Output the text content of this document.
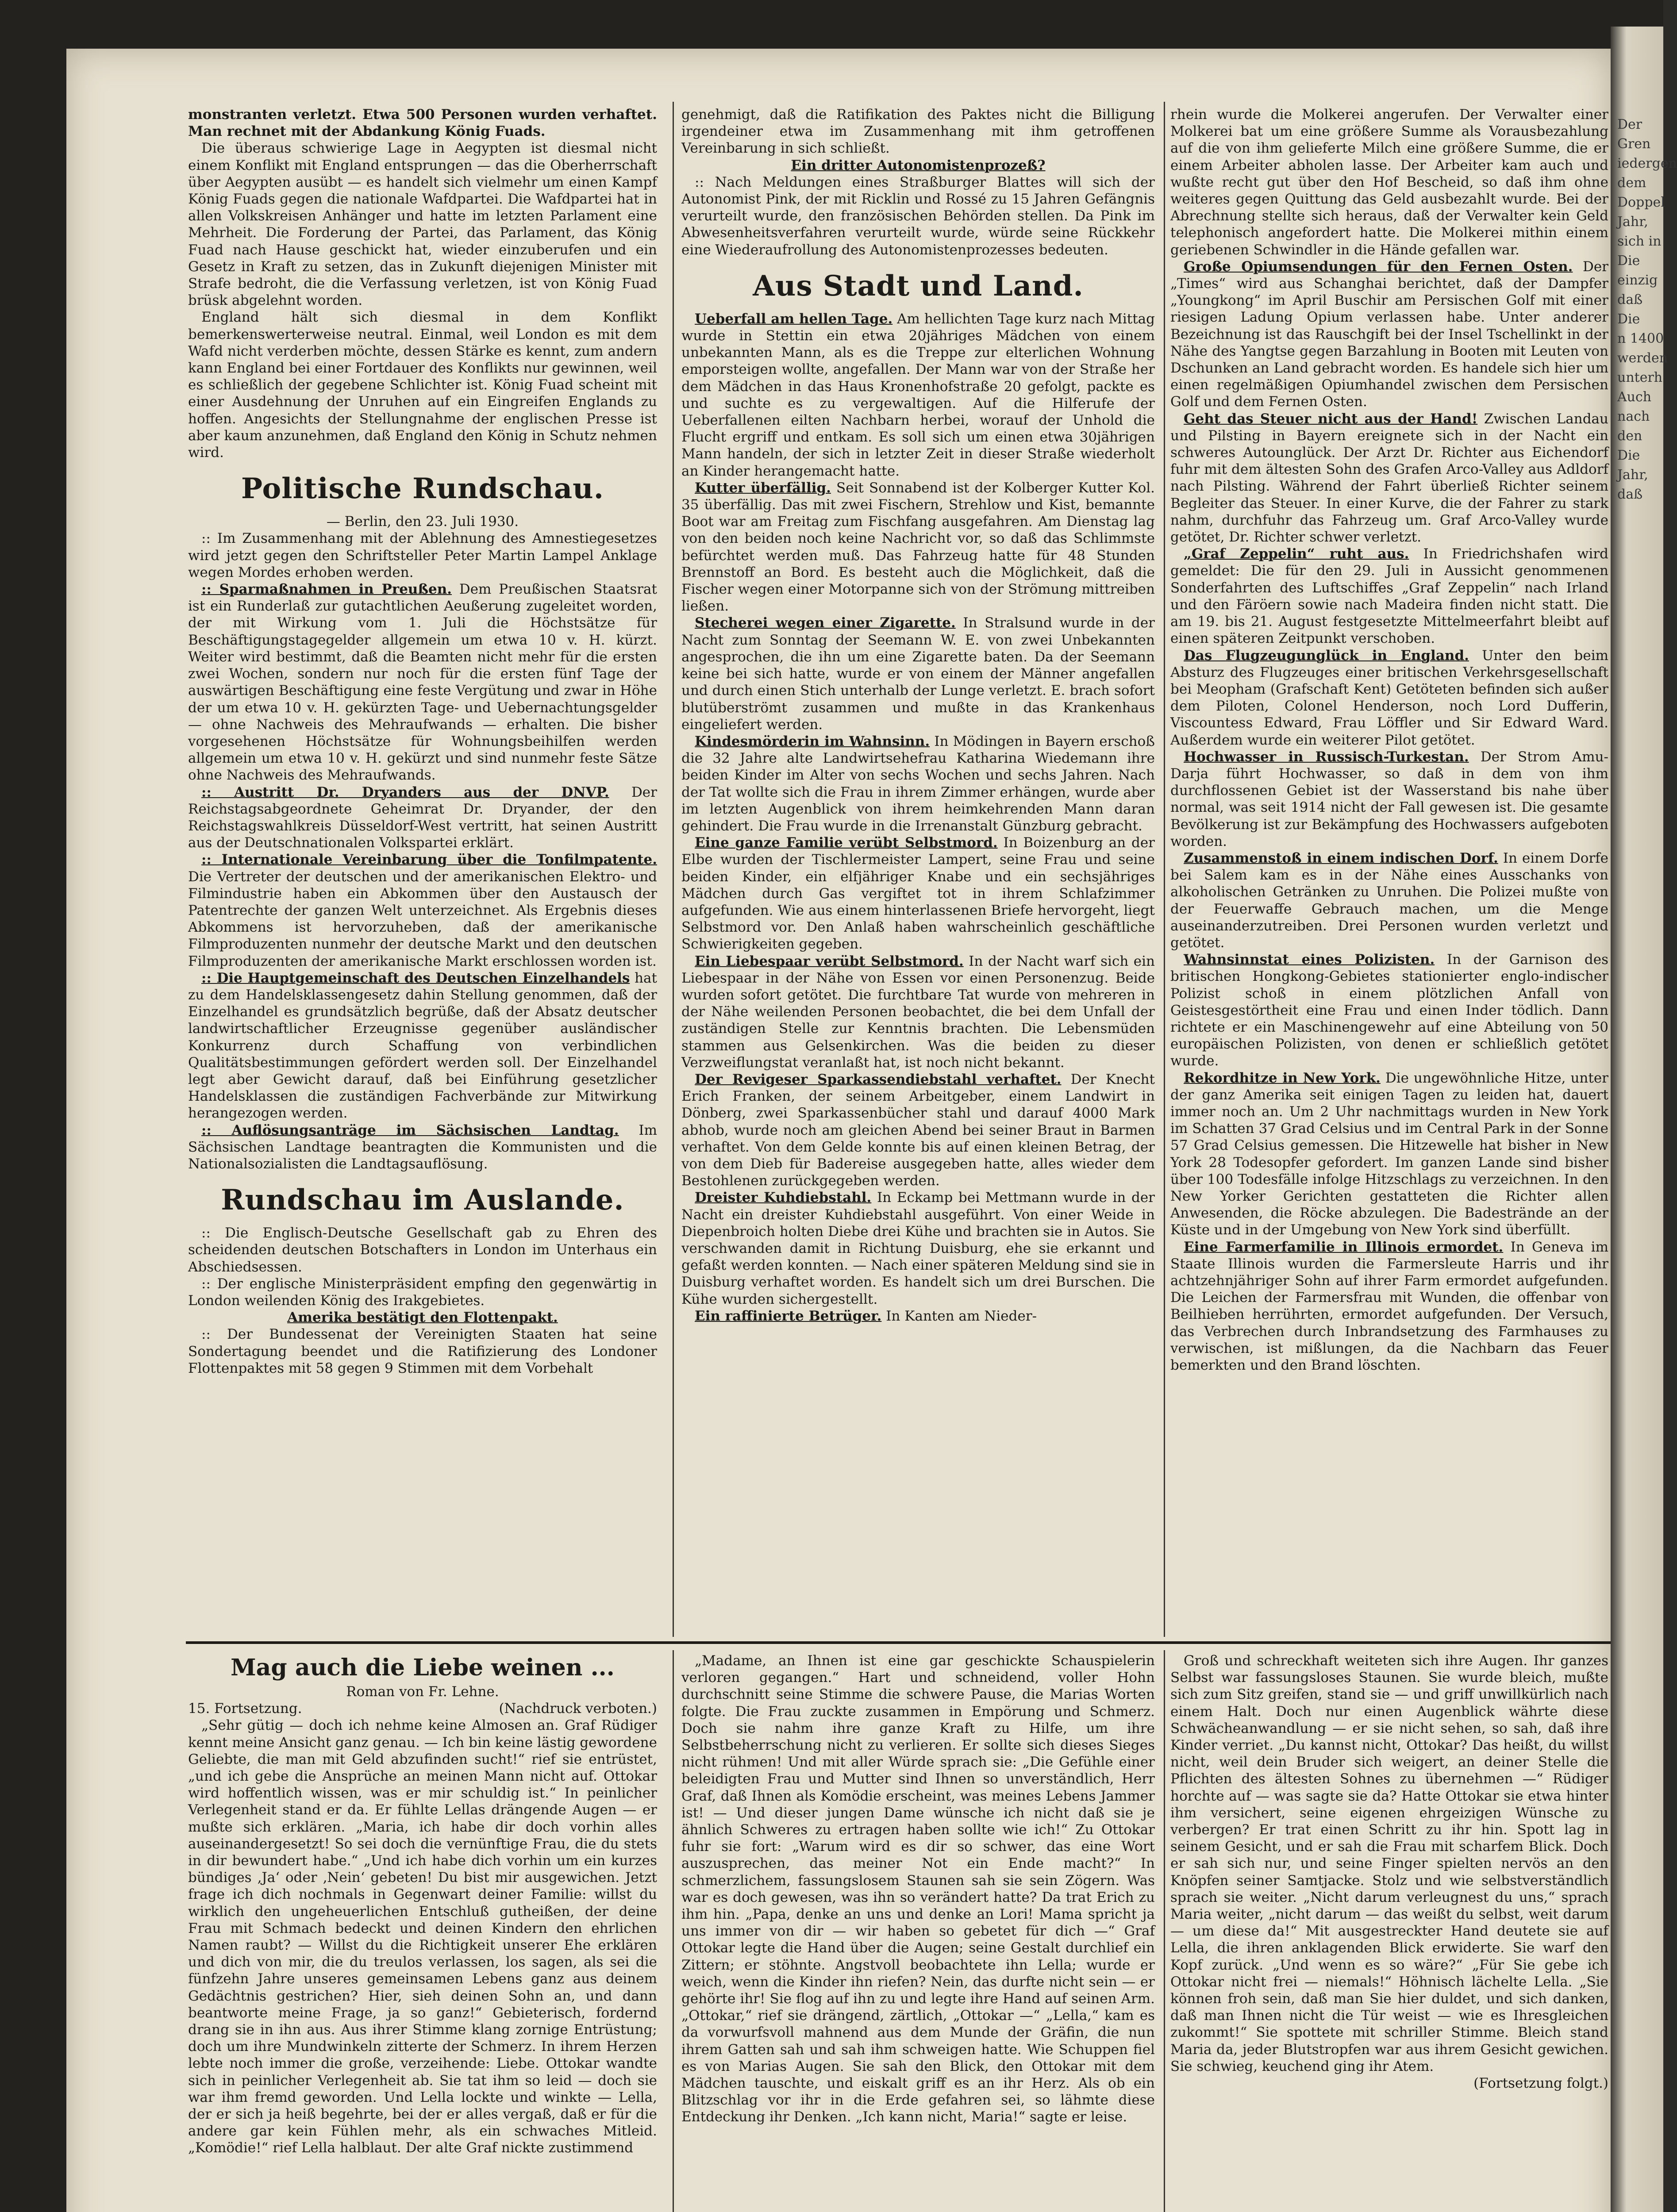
Der
Gren
iedergen
dem
Doppel
Jahr,
sich in
Die
einzig
daß
Die
n 1400
werden
unterh
Auch
nach
den
Die
Jahr,
daß

monstranten verletzt. Etwa 500 Personen wurden verhaftet. Man rechnet mit der Abdankung König Fuads.

Die überaus schwierige Lage in Aegypten ist diesmal nicht einem Konflikt mit England entsprungen — das die Oberherrschaft über Aegypten ausübt — es handelt sich vielmehr um einen Kampf König Fuads gegen die nationale Wafdpartei. Die Wafdpartei hat in allen Volkskreisen Anhänger und hatte im letzten Parlament eine Mehrheit. Die Forderung der Partei, das Parlament, das König Fuad nach Hause geschickt hat, wieder einzuberufen und ein Gesetz in Kraft zu setzen, das in Zukunft diejenigen Minister mit Strafe bedroht, die die Verfassung verletzen, ist von König Fuad brüsk abgelehnt worden.

England hält sich diesmal in dem Konflikt bemerkenswerterweise neutral. Einmal, weil London es mit dem Wafd nicht verderben möchte, dessen Stärke es kennt, zum andern kann England bei einer Fortdauer des Konflikts nur gewinnen, weil es schließlich der gegebene Schlichter ist. König Fuad scheint mit einer Ausdehnung der Unruhen auf ein Eingreifen Englands zu hoffen. Angesichts der Stellungnahme der englischen Presse ist aber kaum anzunehmen, daß England den König in Schutz nehmen wird.

Politische Rundschau.

— Berlin, den 23. Juli 1930.

:: Im Zusammenhang mit der Ablehnung des Amnestiegesetzes wird jetzt gegen den Schriftsteller Peter Martin Lampel Anklage wegen Mordes erhoben werden.

:: Sparmaßnahmen in Preußen. Dem Preußischen Staatsrat ist ein Runderlaß zur gutachtlichen Aeußerung zugeleitet worden, der mit Wirkung vom 1. Juli die Höchstsätze für Beschäftigungstagegelder allgemein um etwa 10 v. H. kürzt. Weiter wird bestimmt, daß die Beamten nicht mehr für die ersten zwei Wochen, sondern nur noch für die ersten fünf Tage der auswärtigen Beschäftigung eine feste Vergütung und zwar in Höhe der um etwa 10 v. H. gekürzten Tage- und Uebernachtungsgelder — ohne Nachweis des Mehraufwands — erhalten. Die bisher vorgesehenen Höchstsätze für Wohnungsbeihilfen werden allgemein um etwa 10 v. H. gekürzt und sind nunmehr feste Sätze ohne Nachweis des Mehraufwands.

:: Austritt Dr. Dryanders aus der DNVP. Der Reichstagsabgeordnete Geheimrat Dr. Dryander, der den Reichstagswahlkreis Düsseldorf-West vertritt, hat seinen Austritt aus der Deutschnationalen Volkspartei erklärt.

:: Internationale Vereinbarung über die Tonfilmpatente. Die Vertreter der deutschen und der amerikanischen Elektro- und Filmindustrie haben ein Abkommen über den Austausch der Patentrechte der ganzen Welt unterzeichnet. Als Ergebnis dieses Abkommens ist hervorzuheben, daß der amerikanische Filmproduzenten nunmehr der deutsche Markt und den deutschen Filmproduzenten der amerikanische Markt erschlossen worden ist.

:: Die Hauptgemeinschaft des Deutschen Einzelhandels hat zu dem Handelsklassengesetz dahin Stellung genommen, daß der Einzelhandel es grundsätzlich begrüße, daß der Absatz deutscher landwirtschaftlicher Erzeugnisse gegenüber ausländischer Konkurrenz durch Schaffung von verbindlichen Qualitätsbestimmungen gefördert werden soll. Der Einzelhandel legt aber Gewicht darauf, daß bei Einführung gesetzlicher Handelsklassen die zuständigen Fachverbände zur Mitwirkung herangezogen werden.

:: Auflösungsanträge im Sächsischen Landtag. Im Sächsischen Landtage beantragten die Kommunisten und die Nationalsozialisten die Landtagsauflösung.

Rundschau im Auslande.

:: Die Englisch-Deutsche Gesellschaft gab zu Ehren des scheidenden deutschen Botschafters in London im Unterhaus ein Abschiedsessen.

:: Der englische Ministerpräsident empfing den gegenwärtig in London weilenden König des Irakgebietes.

Amerika bestätigt den Flottenpakt.

:: Der Bundessenat der Vereinigten Staaten hat seine Sondertagung beendet und die Ratifizierung des Londoner Flottenpaktes mit 58 gegen 9 Stimmen mit dem Vorbehalt

genehmigt, daß die Ratifikation des Paktes nicht die Billigung irgendeiner etwa im Zusammenhang mit ihm getroffenen Vereinbarung in sich schließt.

Ein dritter Autonomistenprozeß?

:: Nach Meldungen eines Straßburger Blattes will sich der Autonomist Pink, der mit Ricklin und Rossé zu 15 Jahren Gefängnis verurteilt wurde, den französischen Behörden stellen. Da Pink im Abwesenheitsverfahren verurteilt wurde, würde seine Rückkehr eine Wiederaufrollung des Autonomistenprozesses bedeuten.

Aus Stadt und Land.

Ueberfall am hellen Tage. Am hellichten Tage kurz nach Mittag wurde in Stettin ein etwa 20jähriges Mädchen von einem unbekannten Mann, als es die Treppe zur elterlichen Wohnung emporsteigen wollte, angefallen. Der Mann war von der Straße her dem Mädchen in das Haus Kronenhofstraße 20 gefolgt, packte es und suchte es zu vergewaltigen. Auf die Hilferufe der Ueberfallenen eilten Nachbarn herbei, worauf der Unhold die Flucht ergriff und entkam. Es soll sich um einen etwa 30jährigen Mann handeln, der sich in letzter Zeit in dieser Straße wiederholt an Kinder herangemacht hatte.

Kutter überfällig. Seit Sonnabend ist der Kolberger Kutter Kol. 35 überfällig. Das mit zwei Fischern, Strehlow und Kist, bemannte Boot war am Freitag zum Fischfang ausgefahren. Am Dienstag lag von den beiden noch keine Nachricht vor, so daß das Schlimmste befürchtet werden muß. Das Fahrzeug hatte für 48 Stunden Brennstoff an Bord. Es besteht auch die Möglichkeit, daß die Fischer wegen einer Motorpanne sich von der Strömung mittreiben ließen.

Stecherei wegen einer Zigarette. In Stralsund wurde in der Nacht zum Sonntag der Seemann W. E. von zwei Unbekannten angesprochen, die ihn um eine Zigarette baten. Da der Seemann keine bei sich hatte, wurde er von einem der Männer angefallen und durch einen Stich unterhalb der Lunge verletzt. E. brach sofort blutüberströmt zusammen und mußte in das Krankenhaus eingeliefert werden.

Kindesmörderin im Wahnsinn. In Mödingen in Bayern erschoß die 32 Jahre alte Landwirtsehefrau Katharina Wiedemann ihre beiden Kinder im Alter von sechs Wochen und sechs Jahren. Nach der Tat wollte sich die Frau in ihrem Zimmer erhängen, wurde aber im letzten Augenblick von ihrem heimkehrenden Mann daran gehindert. Die Frau wurde in die Irrenanstalt Günzburg gebracht.

Eine ganze Familie verübt Selbstmord. In Boizenburg an der Elbe wurden der Tischlermeister Lampert, seine Frau und seine beiden Kinder, ein elfjähriger Knabe und ein sechsjähriges Mädchen durch Gas vergiftet tot in ihrem Schlafzimmer aufgefunden. Wie aus einem hinterlassenen Briefe hervorgeht, liegt Selbstmord vor. Den Anlaß haben wahrscheinlich geschäftliche Schwierigkeiten gegeben.

Ein Liebespaar verübt Selbstmord. In der Nacht warf sich ein Liebespaar in der Nähe von Essen vor einen Personenzug. Beide wurden sofort getötet. Die furchtbare Tat wurde von mehreren in der Nähe weilenden Personen beobachtet, die bei dem Unfall der zuständigen Stelle zur Kenntnis brachten. Die Lebensmüden stammen aus Gelsenkirchen. Was die beiden zu dieser Verzweiflungstat veranlaßt hat, ist noch nicht bekannt.

Der Revigeser Sparkassendiebstahl verhaftet. Der Knecht Erich Franken, der seinem Arbeitgeber, einem Landwirt in Dönberg, zwei Sparkassenbücher stahl und darauf 4000 Mark abhob, wurde noch am gleichen Abend bei seiner Braut in Barmen verhaftet. Von dem Gelde konnte bis auf einen kleinen Betrag, der von dem Dieb für Badereise ausgegeben hatte, alles wieder dem Bestohlenen zurückgegeben werden.

Dreister Kuhdiebstahl. In Eckamp bei Mettmann wurde in der Nacht ein dreister Kuhdiebstahl ausgeführt. Von einer Weide in Diepenbroich holten Diebe drei Kühe und brachten sie in Autos. Sie verschwanden damit in Richtung Duisburg, ehe sie erkannt und gefaßt werden konnten. — Nach einer späteren Meldung sind sie in Duisburg verhaftet worden. Es handelt sich um drei Burschen. Die Kühe wurden sichergestellt.

Ein raffinierte Betrüger. In Kanten am Nieder-

rhein wurde die Molkerei angerufen. Der Verwalter einer Molkerei bat um eine größere Summe als Vorausbezahlung auf die von ihm gelieferte Milch eine größere Summe, die er einem Arbeiter abholen lasse. Der Arbeiter kam auch und wußte recht gut über den Hof Bescheid, so daß ihm ohne weiteres gegen Quittung das Geld ausbezahlt wurde. Bei der Abrechnung stellte sich heraus, daß der Verwalter kein Geld telephonisch angefordert hatte. Die Molkerei mithin einem geriebenen Schwindler in die Hände gefallen war.

Große Opiumsendungen für den Fernen Osten. Der „Times“ wird aus Schanghai berichtet, daß der Dampfer „Youngkong“ im April Buschir am Persischen Golf mit einer riesigen Ladung Opium verlassen habe. Unter anderer Bezeichnung ist das Rauschgift bei der Insel Tschellinkt in der Nähe des Yangtse gegen Barzahlung in Booten mit Leuten von Dschunken an Land gebracht worden. Es handele sich hier um einen regelmäßigen Opiumhandel zwischen dem Persischen Golf und dem Fernen Osten.

Geht das Steuer nicht aus der Hand! Zwischen Landau und Pilsting in Bayern ereignete sich in der Nacht ein schweres Autounglück. Der Arzt Dr. Richter aus Eichendorf fuhr mit dem ältesten Sohn des Grafen Arco-Valley aus Adldorf nach Pilsting. Während der Fahrt überließ Richter seinem Begleiter das Steuer. In einer Kurve, die der Fahrer zu stark nahm, durchfuhr das Fahrzeug um. Graf Arco-Valley wurde getötet, Dr. Richter schwer verletzt.

„Graf Zeppelin“ ruht aus. In Friedrichshafen wird gemeldet: Die für den 29. Juli in Aussicht genommenen Sonderfahrten des Luftschiffes „Graf Zeppelin“ nach Irland und den Färöern sowie nach Madeira finden nicht statt. Die am 19. bis 21. August festgesetzte Mittelmeerfahrt bleibt auf einen späteren Zeitpunkt verschoben.

Das Flugzeugunglück in England. Unter den beim Absturz des Flugzeuges einer britischen Verkehrsgesellschaft bei Meopham (Grafschaft Kent) Getöteten befinden sich außer dem Piloten, Colonel Henderson, noch Lord Dufferin, Viscountess Edward, Frau Löffler und Sir Edward Ward. Außerdem wurde ein weiterer Pilot getötet.

Hochwasser in Russisch-Turkestan. Der Strom Amu-Darja führt Hochwasser, so daß in dem von ihm durchflossenen Gebiet ist der Wasserstand bis nahe über normal, was seit 1914 nicht der Fall gewesen ist. Die gesamte Bevölkerung ist zur Bekämpfung des Hochwassers aufgeboten worden.

Zusammenstoß in einem indischen Dorf. In einem Dorfe bei Salem kam es in der Nähe eines Ausschanks von alkoholischen Getränken zu Unruhen. Die Polizei mußte von der Feuerwaffe Gebrauch machen, um die Menge auseinanderzutreiben. Drei Personen wurden verletzt und getötet.

Wahnsinnstat eines Polizisten. In der Garnison des britischen Hongkong-Gebietes stationierter englo-indischer Polizist schoß in einem plötzlichen Anfall von Geistesgestörtheit eine Frau und einen Inder tödlich. Dann richtete er ein Maschinengewehr auf eine Abteilung von 50 europäischen Polizisten, von denen er schließlich getötet wurde.

Rekordhitze in New York. Die ungewöhnliche Hitze, unter der ganz Amerika seit einigen Tagen zu leiden hat, dauert immer noch an. Um 2 Uhr nachmittags wurden in New York im Schatten 37 Grad Celsius und im Central Park in der Sonne 57 Grad Celsius gemessen. Die Hitzewelle hat bisher in New York 28 Todesopfer gefordert. Im ganzen Lande sind bisher über 100 Todesfälle infolge Hitzschlags zu verzeichnen. In den New Yorker Gerichten gestatteten die Richter allen Anwesenden, die Röcke abzulegen. Die Badestrände an der Küste und in der Umgebung von New York sind überfüllt.

Eine Farmerfamilie in Illinois ermordet. In Geneva im Staate Illinois wurden die Farmersleute Harris und ihr achtzehnjähriger Sohn auf ihrer Farm ermordet aufgefunden. Die Leichen der Farmersfrau mit Wunden, die offenbar von Beilhieben herrührten, ermordet aufgefunden. Der Versuch, das Verbrechen durch Inbrandsetzung des Farmhauses zu verwischen, ist mißlungen, da die Nachbarn das Feuer bemerkten und den Brand löschten.

Mag auch die Liebe weinen ...

Roman von Fr. Lehne.

15. Fortsetzung.	(Nachdruck verboten.)

„Sehr gütig — doch ich nehme keine Almosen an. Graf Rüdiger kennt meine Ansicht ganz genau. — Ich bin keine lästig gewordene Geliebte, die man mit Geld abzufinden sucht!“ rief sie entrüstet, „und ich gebe die Ansprüche an meinen Mann nicht auf. Ottokar wird hoffentlich wissen, was er mir schuldig ist.“ In peinlicher Verlegenheit stand er da. Er fühlte Lellas drängende Augen — er mußte sich erklären. „Maria, ich habe dir doch vorhin alles auseinandergesetzt! So sei doch die vernünftige Frau, die du stets in dir bewundert habe.“ „Und ich habe dich vorhin um ein kurzes bündiges ‚Ja‘ oder ‚Nein‘ gebeten! Du bist mir ausgewichen. Jetzt frage ich dich nochmals in Gegenwart deiner Familie: willst du wirklich den ungeheuerlichen Entschluß gutheißen, der deine Frau mit Schmach bedeckt und deinen Kindern den ehrlichen Namen raubt? — Willst du die Richtigkeit unserer Ehe erklären und dich von mir, die du treulos verlassen, los sagen, als sei die fünfzehn Jahre unseres gemeinsamen Lebens ganz aus deinem Gedächtnis gestrichen? Hier, sieh deinen Sohn an, und dann beantworte meine Frage, ja so ganz!“ Gebieterisch, fordernd drang sie in ihn aus. Aus ihrer Stimme klang zornige Entrüstung; doch um ihre Mundwinkeln zitterte der Schmerz. In ihrem Herzen lebte noch immer die große, verzeihende: Liebe. Ottokar wandte sich in peinlicher Verlegenheit ab. Sie tat ihm so leid — doch sie war ihm fremd geworden. Und Lella lockte und winkte — Lella, der er sich ja heiß begehrte, bei der er alles vergaß, daß er für die andere gar kein Fühlen mehr, als ein schwaches Mitleid. „Komödie!“ rief Lella halblaut. Der alte Graf nickte zustimmend

„Madame, an Ihnen ist eine gar geschickte Schauspielerin verloren gegangen.“ Hart und schneidend, voller Hohn durchschnitt seine Stimme die schwere Pause, die Marias Worten folgte. Die Frau zuckte zusammen in Empörung und Schmerz. Doch sie nahm ihre ganze Kraft zu Hilfe, um ihre Selbstbeherrschung nicht zu verlieren. Er sollte sich dieses Sieges nicht rühmen! Und mit aller Würde sprach sie: „Die Gefühle einer beleidigten Frau und Mutter sind Ihnen so unverständlich, Herr Graf, daß Ihnen als Komödie erscheint, was meines Lebens Jammer ist! — Und dieser jungen Dame wünsche ich nicht daß sie je ähnlich Schweres zu ertragen haben sollte wie ich!“ Zu Ottokar fuhr sie fort: „Warum wird es dir so schwer, das eine Wort auszusprechen, das meiner Not ein Ende macht?“ In schmerzlichem, fassungslosem Staunen sah sie sein Zögern. Was war es doch gewesen, was ihn so verändert hatte? Da trat Erich zu ihm hin. „Papa, denke an uns und denke an Lori! Mama spricht ja uns immer von dir — wir haben so gebetet für dich —“ Graf Ottokar legte die Hand über die Augen; seine Gestalt durchlief ein Zittern; er stöhnte. Angstvoll beobachtete ihn Lella; wurde er weich, wenn die Kinder ihn riefen? Nein, das durfte nicht sein — er gehörte ihr! Sie flog auf ihn zu und legte ihre Hand auf seinen Arm. „Ottokar,“ rief sie drängend, zärtlich, „Ottokar —“ „Lella,“ kam es da vorwurfsvoll mahnend aus dem Munde der Gräfin, die nun ihrem Gatten sah und sah ihm schweigen hatte. Wie Schuppen fiel es von Marias Augen. Sie sah den Blick, den Ottokar mit dem Mädchen tauschte, und eiskalt griff es an ihr Herz. Als ob ein Blitzschlag vor ihr in die Erde gefahren sei, so lähmte diese Entdeckung ihr Denken. „Ich kann nicht, Maria!“ sagte er leise.

Groß und schreckhaft weiteten sich ihre Augen. Ihr ganzes Selbst war fassungsloses Staunen. Sie wurde bleich, mußte sich zum Sitz greifen, stand sie — und griff unwillkürlich nach einem Halt. Doch nur einen Augenblick währte diese Schwächeanwandlung — er sie nicht sehen, so sah, daß ihre Kinder verriet. „Du kannst nicht, Ottokar? Das heißt, du willst nicht, weil dein Bruder sich weigert, an deiner Stelle die Pflichten des ältesten Sohnes zu übernehmen —“ Rüdiger horchte auf — was sagte sie da? Hatte Ottokar sie etwa hinter ihm versichert, seine eigenen ehrgeizigen Wünsche zu verbergen? Er trat einen Schritt zu ihr hin. Spott lag in seinem Gesicht, und er sah die Frau mit scharfem Blick. Doch er sah sich nur, und seine Finger spielten nervös an den Knöpfen seiner Samtjacke. Stolz und wie selbstverständlich sprach sie weiter. „Nicht darum verleugnest du uns,“ sprach Maria weiter, „nicht darum — das weißt du selbst, weit darum — um diese da!“ Mit ausgestreckter Hand deutete sie auf Lella, die ihren anklagenden Blick erwiderte. Sie warf den Kopf zurück. „Und wenn es so wäre?“ „Für Sie gebe ich Ottokar nicht frei — niemals!“ Höhnisch lächelte Lella. „Sie können froh sein, daß man Sie hier duldet, und sich danken, daß man Ihnen nicht die Tür weist — wie es Ihresgleichen zukommt!“ Sie spottete mit schriller Stimme. Bleich stand Maria da, jeder Blutstropfen war aus ihrem Gesicht gewichen. Sie schwieg, keuchend ging ihr Atem.

(Fortsetzung folgt.)
